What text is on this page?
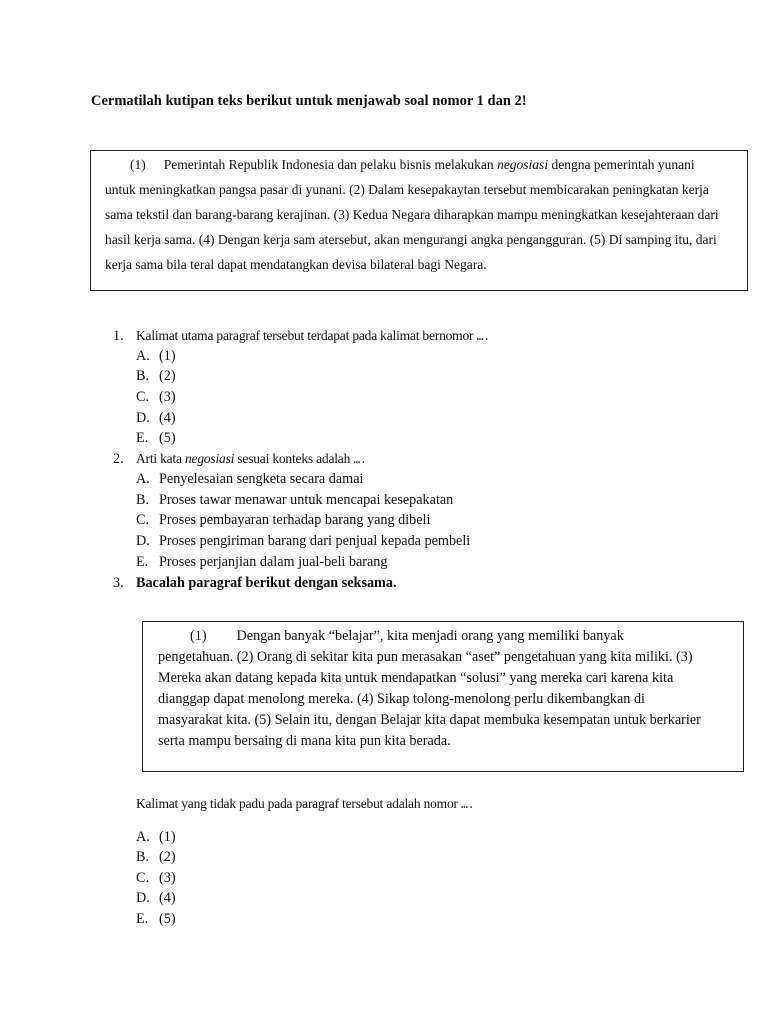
Cermatilah kutipan teks berikut untuk menjawab soal nomor 1 dan 2!
(1) Pemerintah Republik Indonesia dan pelaku bisnis melakukan negosiasi dengna pemerintah yunani
untuk meningkatkan pangsa pasar di yunani. (2) Dalam kesepakaytan tersebut membicarakan peningkatan kerja
sama tekstil dan barang-barang kerajinan. (3) Kedua Negara diharapkan mampu meningkatkan kesejahteraan dari
hasil kerja sama. (4) Dengan kerja sam atersebut, akan mengurangi angka pengangguran. (5) Di samping itu, dari
kerja sama bila teral dapat mendatangkan devisa bilateral bagi Negara.
1. Kalimat utama paragraf tersebut terdapat pada kalimat bernomor ….
A. (1)
B. (2)
C. (3)
D. (4)
E. (5)
2. Arti kata negosiasi sesuai konteks adalah ….
A. Penyelesaian sengketa secara damai
B. Proses tawar menawar untuk mencapai kesepakatan
C. Proses pembayaran terhadap barang yang dibeli
D. Proses pengiriman barang dari penjual kepada pembeli
E. Proses perjanjian dalam jual-beli barang
3. Bacalah paragraf berikut dengan seksama.
(1) Dengan banyak “belajar”, kita menjadi orang yang memiliki banyak
pengetahuan. (2) Orang di sekitar kita pun merasakan “aset” pengetahuan yang kita miliki. (3)
Mereka akan datang kepada kita untuk mendapatkan “solusi” yang mereka cari karena kita
dianggap dapat menolong mereka. (4) Sikap tolong-menolong perlu dikembangkan di
masyarakat kita. (5) Selain itu, dengan Belajar kita dapat membuka kesempatan untuk berkarier
serta mampu bersaing di mana kita pun kita berada.
Kalimat yang tidak padu pada paragraf tersebut adalah nomor ….
A. (1)
B. (2)
C. (3)
D. (4)
E. (5)
